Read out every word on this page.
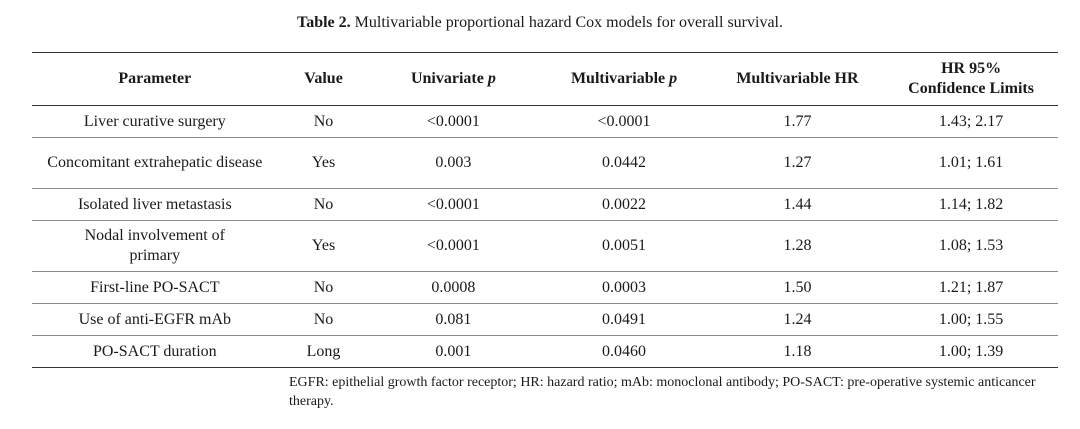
Table 2. Multivariable proportional hazard Cox models for overall survival.
Parameter	Value	Univariate p	Multivariable p	Multivariable HR	HR 95%
Confidence Limits
Liver curative surgery	No	<0.0001	<0.0001	1.77	1.43; 2.17
Concomitant extrahepatic disease	Yes	0.003	0.0442	1.27	1.01; 1.61
Isolated liver metastasis	No	<0.0001	0.0022	1.44	1.14; 1.82
Nodal involvement of primary	Yes	<0.0001	0.0051	1.28	1.08; 1.53
First-line PO-SACT	No	0.0008	0.0003	1.50	1.21; 1.87
Use of anti-EGFR mAb	No	0.081	0.0491	1.24	1.00; 1.55
PO-SACT duration	Long	0.001	0.0460	1.18	1.00; 1.39
EGFR: epithelial growth factor receptor; HR: hazard ratio; mAb: monoclonal antibody; PO-SACT: pre-operative systemic anticancer therapy.
